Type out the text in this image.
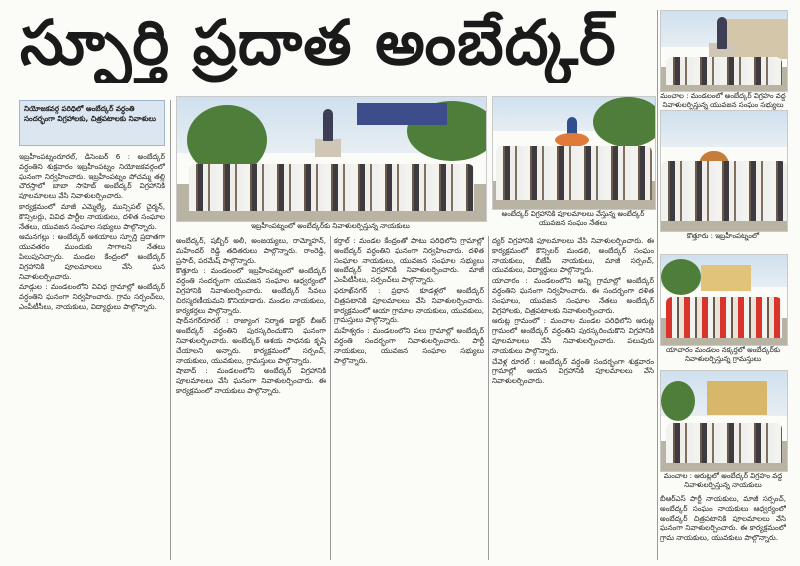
స్ఫూర్తి ప్రదాత అంబేద్కర్
నియోజకవర్గ పరిధిలో అంబేద్కర్ వర్ధంతి సందర్భంగా విగ్రహాలకు, చిత్రపటాలకు నివాళులు
ఇబ్రహీంపట్నంలో అంబేద్కర్‌కు నివాళులర్పిస్తున్న నాయకులు
అంబేద్కర్ విగ్రహానికి పూలమాలలు వేస్తున్న అంబేద్కర్ యువజన సంఘం నేతలు
మంచాల : మండలంలో అంబేద్కర్ విగ్రహం వద్ద నివాళులర్పిస్తున్న యువజన సంఘం సభ్యులు
కొత్తూరు : ఇబ్రహీంపట్నంలో
యాచారం మండలం నక్కర్తలో అంబేద్కర్‌కు నివాళులర్పిస్తున్న గ్రామస్తులు
మంచాల : ఆరుట్లలో అంబేద్కర్ విగ్రహం వద్ద నివాళులర్పిస్తున్న నాయకులు

ఇబ్రహీంపట్నంరూరల్, డిసెంబర్ 6 : అంబేద్కర్ వర్ధంతిని శుక్రవారం ఇబ్రహీంపట్నం నియోజకవర్గంలో ఘనంగా నిర్వహించారు. ఇబ్రహీంపట్నం పోచమ్మ తల్లి చౌరస్తాలో బాబా సాహెబ్ అంబేద్కర్ విగ్రహానికి పూలమాలలు వేసి నివాళులర్పించారు.

కార్యక్రమంలో మాజీ ఎమ్మెల్యే, మున్సిపల్ చైర్మన్, కౌన్సిలర్లు, వివిధ పార్టీల నాయకులు, దళిత సంఘాల నేతలు, యువజన సంఘాల సభ్యులు పాల్గొన్నారు.

ఆమనగల్లు : అంబేద్కర్ ఆశయాలు స్ఫూర్తి ప్రదాతగా యువతరం ముందుకు సాగాలని నేతలు పిలుపునిచ్చారు. మండల కేంద్రంలో అంబేద్కర్ విగ్రహానికి పూలమాలలు వేసి ఘన నివాళులర్పించారు.

మాడ్గుల : మండలంలోని వివిధ గ్రామాల్లో అంబేద్కర్ వర్ధంతిని ఘనంగా నిర్వహించారు. గ్రామ సర్పంచ్‌లు, ఎంపీటీసీలు, నాయకులు, విద్యార్థులు పాల్గొన్నారు.

అంబేద్కర్, షబ్బీర్ అలీ, అంజయ్యలు, రామ్మోహన్, మహేందర్ రెడ్డి తదితరులు పాల్గొన్నారు. రాంరెడ్డి, ప్రసాద్, పరమేష్ పాల్గొన్నారు.

కొత్తూరు : మండలంలో ఇబ్రహీంపట్నంలో అంబేద్కర్ వర్ధంతి సందర్భంగా యువజన సంఘాల ఆధ్వర్యంలో విగ్రహానికి నివాళులర్పించారు. అంబేద్కర్ సేవలు చిరస్మరణీయమని కొనియాడారు. మండల నాయకులు, కార్యకర్తలు పాల్గొన్నారు.

షాద్‌నగర్‌రూరల్ : రాజ్యాంగ నిర్మాత డాక్టర్ బీఆర్ అంబేద్కర్ వర్ధంతిని పురస్కరించుకొని ఘనంగా నివాళులర్పించారు. అంబేద్కర్ ఆశయ సాధనకు కృషి చేయాలని అన్నారు. కార్యక్రమంలో సర్పంచ్, నాయకులు, యువకులు, గ్రామస్తులు పాల్గొన్నారు.

షాబాద్ : మండలంలోని అంబేద్కర్ విగ్రహానికి పూలమాలలు వేసి ఘనంగా నివాళులర్పించారు. ఈ కార్యక్రమంలో నాయకులు పాల్గొన్నారు.

కర్తాల్ : మండల కేంద్రంతో పాటు పరిధిలోని గ్రామాల్లో అంబేద్కర్ వర్ధంతిని ఘనంగా నిర్వహించారు. దళిత సంఘాల నాయకులు, యువజన సంఘాల సభ్యులు అంబేద్కర్ విగ్రహానికి నివాళులర్పించారు. మాజీ ఎంపీటీసీలు, సర్పంచ్‌లు పాల్గొన్నారు.

ఫరూఖ్‌నగర్ : ప్రధాన కూడళ్లలో అంబేద్కర్ చిత్రపటానికి పూలమాలలు వేసి నివాళులర్పించారు. కార్యక్రమంలో ఆయా గ్రామాల నాయకులు, యువకులు, గ్రామస్తులు పాల్గొన్నారు.

మహేశ్వరం : మండలంలోని పలు గ్రామాల్లో అంబేద్కర్ వర్ధంతి సందర్భంగా నివాళులర్పించారు. పార్టీ నాయకులు, యువజన సంఘాల సభ్యులు పాల్గొన్నారు.

ద్యర్ విగ్రహానికి పూలమాలలు వేసి నివాళులర్పించారు. ఈ కార్యక్రమంలో కౌన్సిలర్ మండలి, అంబేద్కర్ సంఘం నాయకులు, బీజేపీ నాయకులు, మాజీ సర్పంచ్, యువకులు, విద్యార్థులు పాల్గొన్నారు.

యాచారం : మండలంలోని అన్ని గ్రామాల్లో అంబేద్కర్ వర్ధంతిని ఘనంగా నిర్వహించారు. ఈ సందర్భంగా దళిత సంఘాలు, యువజన సంఘాల నేతలు అంబేద్కర్ విగ్రహాలకు, చిత్రపటాలకు నివాళులర్పించారు.

ఆరుట్ల గ్రామంలో : మంచాల మండల పరిధిలోని ఆరుట్ల గ్రామంలో అంబేద్కర్ వర్ధంతిని పురస్కరించుకొని విగ్రహానికి పూలమాలలు వేసి నివాళులర్పించారు. పలువురు నాయకులు పాల్గొన్నారు.

చేవెళ్ల రూరల్ : అంబేద్కర్ వర్ధంతి సందర్భంగా శుక్రవారం గ్రామాల్లో ఆయన విగ్రహానికి పూలమాలలు వేసి నివాళులర్పించారు.

బీఆర్ఎస్ పార్టీ నాయకులు, మాజీ సర్పంచ్, అంబేద్కర్ సంఘం నాయకులు ఆధ్వర్యంలో అంబేద్కర్ చిత్రపటానికి పూలమాలలు వేసి ఘనంగా నివాళులర్పించారు. ఈ కార్యక్రమంలో గ్రామ నాయకులు, యువకులు పాల్గొన్నారు.
